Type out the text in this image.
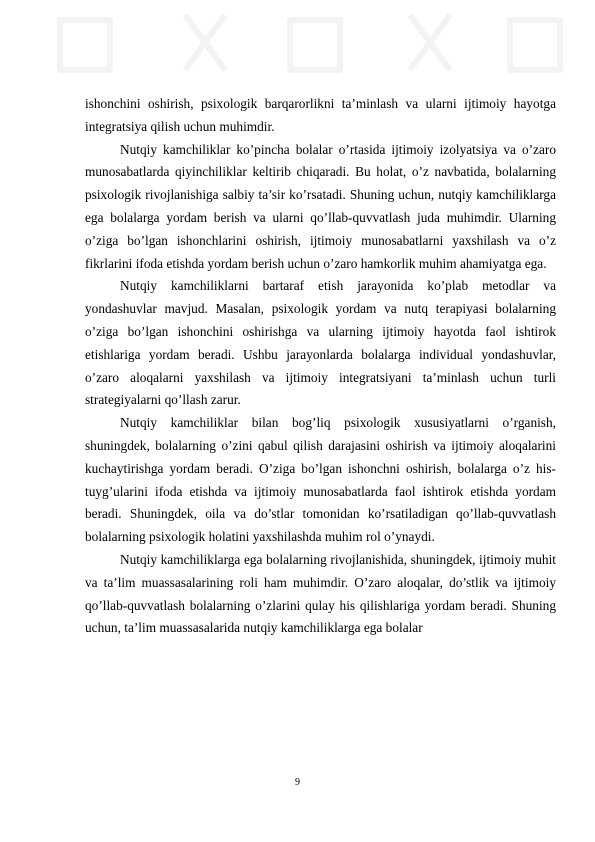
ishonchini oshirish, psixologik barqarorlikni ta’minlash va ularni ijtimoiy hayotga integratsiya qilish uchun muhimdir.

Nutqiy kamchiliklar ko’pincha bolalar o’rtasida ijtimoiy izolyatsiya va o’zaro munosabatlarda qiyinchiliklar keltirib chiqaradi. Bu holat, o’z navbatida, bolalarning psixologik rivojlanishiga salbiy ta’sir ko’rsatadi. Shuning uchun, nutqiy kamchiliklarga ega bolalarga yordam berish va ularni qo’llab-quvvatlash juda muhimdir. Ularning o’ziga bo’lgan ishonchlarini oshirish, ijtimoiy munosabatlarni yaxshilash va o’z fikrlarini ifoda etishda yordam berish uchun o’zaro hamkorlik muhim ahamiyatga ega.

Nutqiy kamchiliklarni bartaraf etish jarayonida ko’plab metodlar va yondashuvlar mavjud. Masalan, psixologik yordam va nutq terapiyasi bolalarning o’ziga bo’lgan ishonchini oshirishga va ularning ijtimoiy hayotda faol ishtirok etishlariga yordam beradi. Ushbu jarayonlarda bolalarga individual yondashuvlar, o’zaro aloqalarni yaxshilash va ijtimoiy integratsiyani ta’minlash uchun turli strategiyalarni qo’llash zarur.

Nutqiy kamchiliklar bilan bog’liq psixologik xususiyatlarni o’rganish, shuningdek, bolalarning o’zini qabul qilish darajasini oshirish va ijtimoiy aloqalarini kuchaytirishga yordam beradi. O’ziga bo’lgan ishonchni oshirish, bolalarga o’z his-tuyg’ularini ifoda etishda va ijtimoiy munosabatlarda faol ishtirok etishda yordam beradi. Shuningdek, oila va do’stlar tomonidan ko’rsatiladigan qo’llab-quvvatlash bolalarning psixologik holatini yaxshilashda muhim rol o’ynaydi.

Nutqiy kamchiliklarga ega bolalarning rivojlanishida, shuningdek, ijtimoiy muhit va ta’lim muassasalarining roli ham muhimdir. O’zaro aloqalar, do’stlik va ijtimoiy qo’llab-quvvatlash bolalarning o’zlarini qulay his qilishlariga yordam beradi. Shuning uchun, ta’lim muassasalarida nutqiy kamchiliklarga ega bolalar

9
